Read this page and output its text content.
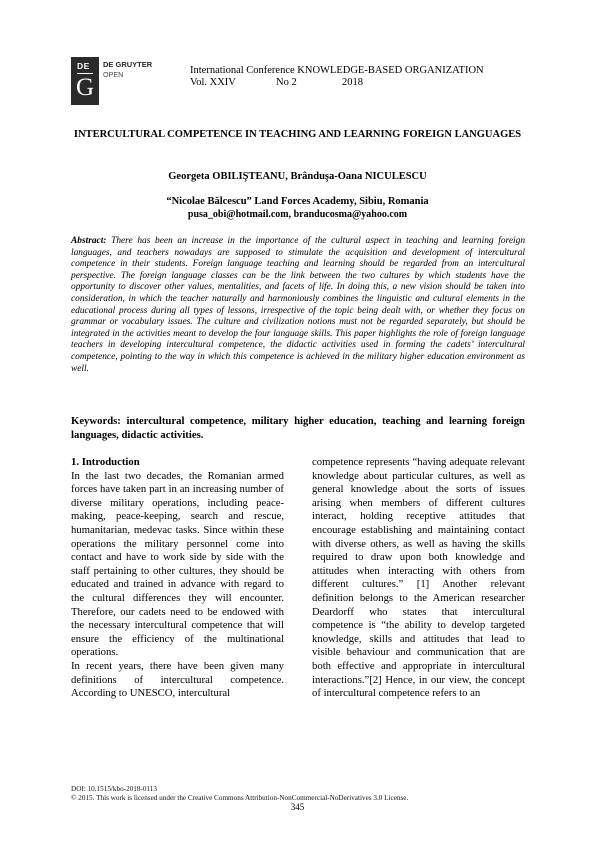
DE
G
DE GRUYTER
OPEN	International Conference KNOWLEDGE-BASED ORGANIZATION
Vol. XXIV	No 2	2018
INTERCULTURAL COMPETENCE IN TEACHING AND LEARNING FOREIGN LANGUAGES
Georgeta OBILIŞTEANU, Brânduşa-Oana NICULESCU
“Nicolae Bălcescu” Land Forces Academy, Sibiu, Romania
pusa_obi@hotmail.com, branducosma@yahoo.com
Abstract: There has been an increase in the importance of the cultural aspect in teaching and learning foreign languages, and teachers nowadays are supposed to stimulate the acquisition and development of intercultural competence in their students. Foreign language teaching and learning should be regarded from an intercultural perspective. The foreign language classes can be the link between the two cultures by which students have the opportunity to discover other values, mentalities, and facets of life. In doing this, a new vision should be taken into consideration, in which the teacher naturally and harmoniously combines the linguistic and cultural elements in the educational process during all types of lessons, irrespective of the topic being dealt with, or whether they focus on grammar or vocabulary issues. The culture and civilization notions must not be regarded separately, but should be integrated in the activities meant to develop the four language skills. This paper highlights the role of foreign language teachers in developing intercultural competence, the didactic activities used in forming the cadets’ intercultural competence, pointing to the way in which this competence is achieved in the military higher education environment as well.
Keywords: intercultural competence, military higher education, teaching and learning foreign languages, didactic activities.
1. Introduction

In the last two decades, the Romanian armed forces have taken part in an increasing number of diverse military operations, including peace-making, peace-keeping, search and rescue, humanitarian, medevac tasks. Since within these operations the military personnel come into contact and have to work side by side with the staff pertaining to other cultures, they should be educated and trained in advance with regard to the cultural differences they will encounter. Therefore, our cadets need to be endowed with the necessary intercultural competence that will ensure the efficiency of the multinational operations.

In recent years, there have been given many definitions of intercultural competence. According to UNESCO, intercultural

competence represents “having adequate relevant knowledge about particular cultures, as well as general knowledge about the sorts of issues arising when members of different cultures interact, holding receptive attitudes that encourage establishing and maintaining contact with diverse others, as well as having the skills required to draw upon both knowledge and attitudes when interacting with others from different cultures.” [1] Another relevant definition belongs to the American researcher Deardorff who states that intercultural competence is “the ability to develop targeted knowledge, skills and attitudes that lead to visible behaviour and communication that are both effective and appropriate in intercultural interactions.”[2] Hence, in our view, the concept of intercultural competence refers to an

DOI: 10.1515/kbo-2018-0113
© 2015. This work is licensed under the Creative Commons Attribution-NonCommercial-NoDerivatives 3.0 License.
345
